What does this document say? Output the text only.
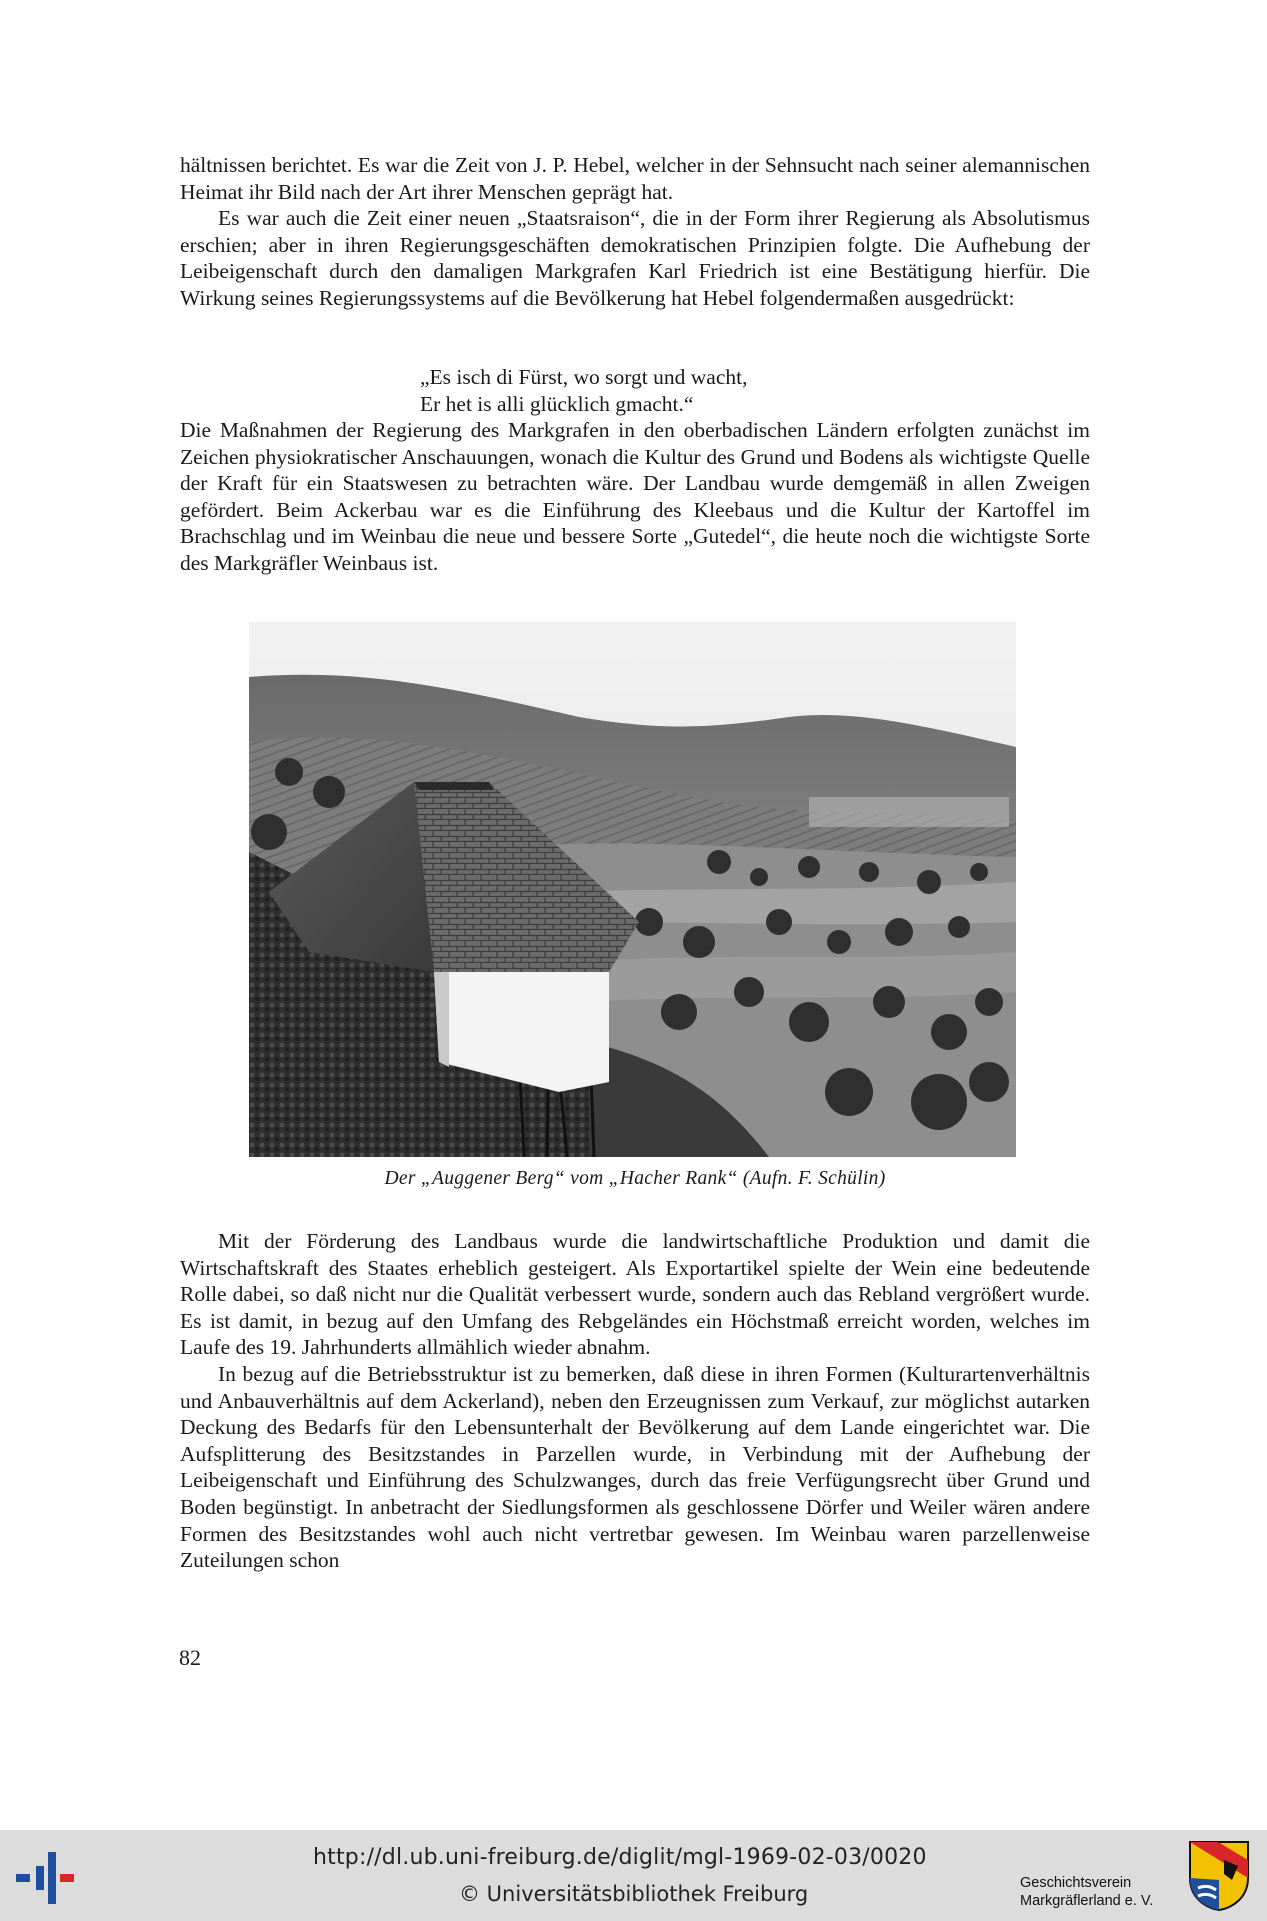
hältnissen berichtet. Es war die Zeit von J. P. Hebel, welcher in der Sehnsucht nach seiner alemannischen Heimat ihr Bild nach der Art ihrer Menschen geprägt hat.

Es war auch die Zeit einer neuen „Staatsraison“, die in der Form ihrer Regierung als Absolutismus erschien; aber in ihren Regierungsgeschäften demokratischen Prinzipien folgte. Die Aufhebung der Leibeigenschaft durch den damaligen Markgrafen Karl Friedrich ist eine Bestätigung hierfür. Die Wirkung seines Regierungssystems auf die Bevölkerung hat Hebel folgendermaßen ausgedrückt:

„Es isch di Fürst, wo sorgt und wacht,
Er het is alli glücklich gmacht.“

Die Maßnahmen der Regierung des Markgrafen in den oberbadischen Ländern erfolgten zunächst im Zeichen physiokratischer Anschauungen, wonach die Kultur des Grund und Bodens als wichtigste Quelle der Kraft für ein Staatswesen zu betrachten wäre. Der Landbau wurde demgemäß in allen Zweigen gefördert. Beim Ackerbau war es die Einführung des Kleebaus und die Kultur der Kartoffel im Brachschlag und im Weinbau die neue und bessere Sorte „Gutedel“, die heute noch die wichtigste Sorte des Markgräfler Weinbaus ist.

Der „Auggener Berg“ vom „Hacher Rank“ (Aufn. F. Schülin)

Mit der Förderung des Landbaus wurde die landwirtschaftliche Produktion und damit die Wirtschaftskraft des Staates erheblich gesteigert. Als Exportartikel spielte der Wein eine bedeutende Rolle dabei, so daß nicht nur die Qualität verbessert wurde, sondern auch das Rebland vergrößert wurde. Es ist damit, in bezug auf den Umfang des Rebgeländes ein Höchstmaß erreicht worden, welches im Laufe des 19. Jahrhunderts allmählich wieder abnahm.

In bezug auf die Betriebsstruktur ist zu bemerken, daß diese in ihren Formen (Kulturartenverhältnis und Anbauverhältnis auf dem Ackerland), neben den Erzeugnissen zum Verkauf, zur möglichst autarken Deckung des Bedarfs für den Lebensunterhalt der Bevölkerung auf dem Lande eingerichtet war. Die Aufsplitterung des Besitzstandes in Parzellen wurde, in Verbindung mit der Aufhebung der Leibeigenschaft und Einführung des Schulzwanges, durch das freie Verfügungsrecht über Grund und Boden begünstigt. In anbetracht der Siedlungsformen als geschlossene Dörfer und Weiler wären andere Formen des Besitzstandes wohl auch nicht vertretbar gewesen. Im Weinbau waren parzellenweise Zuteilungen schon

82
http://dl.ub.uni-freiburg.de/diglit/mgl-1969-02-03/0020
© Universitätsbibliothek Freiburg	Geschichtsverein
Markgräflerland e. V.
